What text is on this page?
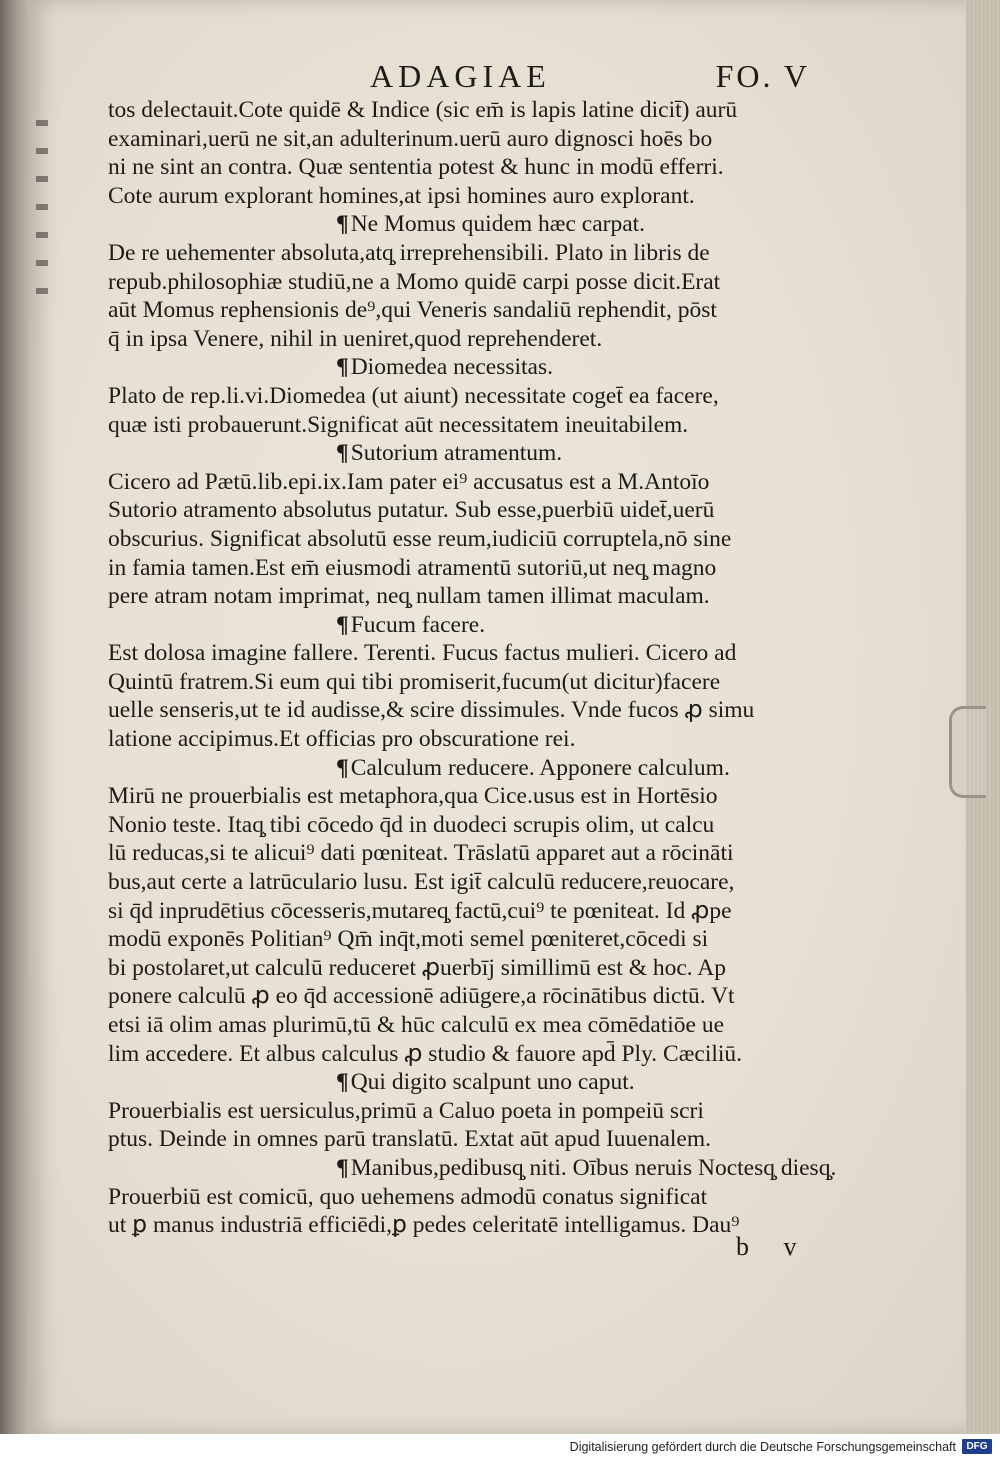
ADAGIAE	FO. V
tos delectauit.Cote quidē & Indice (sic em̄ is lapis latine dicit̄) aurū
examinari,uerū ne sit,an adulterinum.uerū auro dignosci hoēs bo
ni ne sint an contra. Quæ sententia potest & hunc in modū efferri.
Cote aurum explorant homines,at ipsi homines auro explorant.
¶Ne Momus quidem hæc carpat.
De re uehementer absoluta,atq̧ irreprehensibili. Plato in libris de
repub.philosophiæ studiū,ne a Momo quidē carpi posse dicit.Erat
aūt Momus rephensionis de⁹,qui Veneris sandaliū rephendit, pōst
q̄ in ipsa Venere, nihil in ueniret,quod reprehenderet.
¶Diomedea necessitas.
Plato de rep.li.vi.Diomedea (ut aiunt) necessitate coget̄ ea facere,
quæ isti probauerunt.Significat aūt necessitatem ineuitabilem.
¶Sutorium atramentum.
Cicero ad Pætū.lib.epi.ix.Iam pater ei⁹ accusatus est a M.Antoīo
Sutorio atramento absolutus putatur. Sub esse,puerbiū uidet̄,uerū
obscurius. Significat absolutū esse reum,iudiciū corruptela,nō sine
in famia tamen.Est em̄ eiusmodi atramentū sutoriū,ut neq̧ magno
pere atram notam imprimat, neq̧ nullam tamen illimat maculam.
¶Fucum facere.
Est dolosa imagine fallere. Terenti. Fucus factus mulieri. Cicero ad
Quintū fratrem.Si eum qui tibi promiserit,fucum(ut dicitur)facere
uelle senseris,ut te id audisse,& scire dissimules. Vnde fucos ꝓ simu
latione accipimus.Et officias pro obscuratione rei.
¶Calculum reducere. Apponere calculum.
Mirū ne prouerbialis est metaphora,qua Cice.usus est in Hortēsio
Nonio teste. Itaq̧ tibi cōcedo q̄d in duodeci scrupis olim, ut calcu
lū reducas,si te alicui⁹ dati pœniteat. Trāslatū apparet aut a rōcināti
bus,aut certe a latrūculario lusu. Est igit̄ calculū reducere,reuocare,
si q̄d inprudētius cōcesseris,mutareq̧ factū,cui⁹ te pœniteat. Id ꝓpe
modū exponēs Politian⁹ Qm̄ inq̄t,moti semel pœniteret,cōcedi si
bi postolaret,ut calculū reduceret ꝓuerbīj simillimū est & hoc. Ap
ponere calculū ꝓ eo q̄d accessionē adiūgere,a rōcinātibus dictū. Vt
etsi iā olim amas plurimū,tū & hūc calculū ex mea cōmēdatiōe ue
lim accedere. Et albus calculus ꝓ studio & fauore apd̄ Ply. Cæciliū.
¶Qui digito scalpunt uno caput.
Prouerbialis est uersiculus,primū a Caluo poeta in pompeiū scri
ptus. Deinde in omnes parū translatū. Extat aūt apud Iuuenalem.
¶Manibus,pedibusq̧ niti. Oībus neruis Noctesq̧ diesq̧.
Prouerbiū est comicū, quo uehemens admodū conatus significat
ut ꝑ manus industriā efficiēdi,ꝑ pedes celeritatē intelligamus. Dau⁹
b v
Digitalisierung gefördert durch die Deutsche Forschungsgemeinschaft	DFG
